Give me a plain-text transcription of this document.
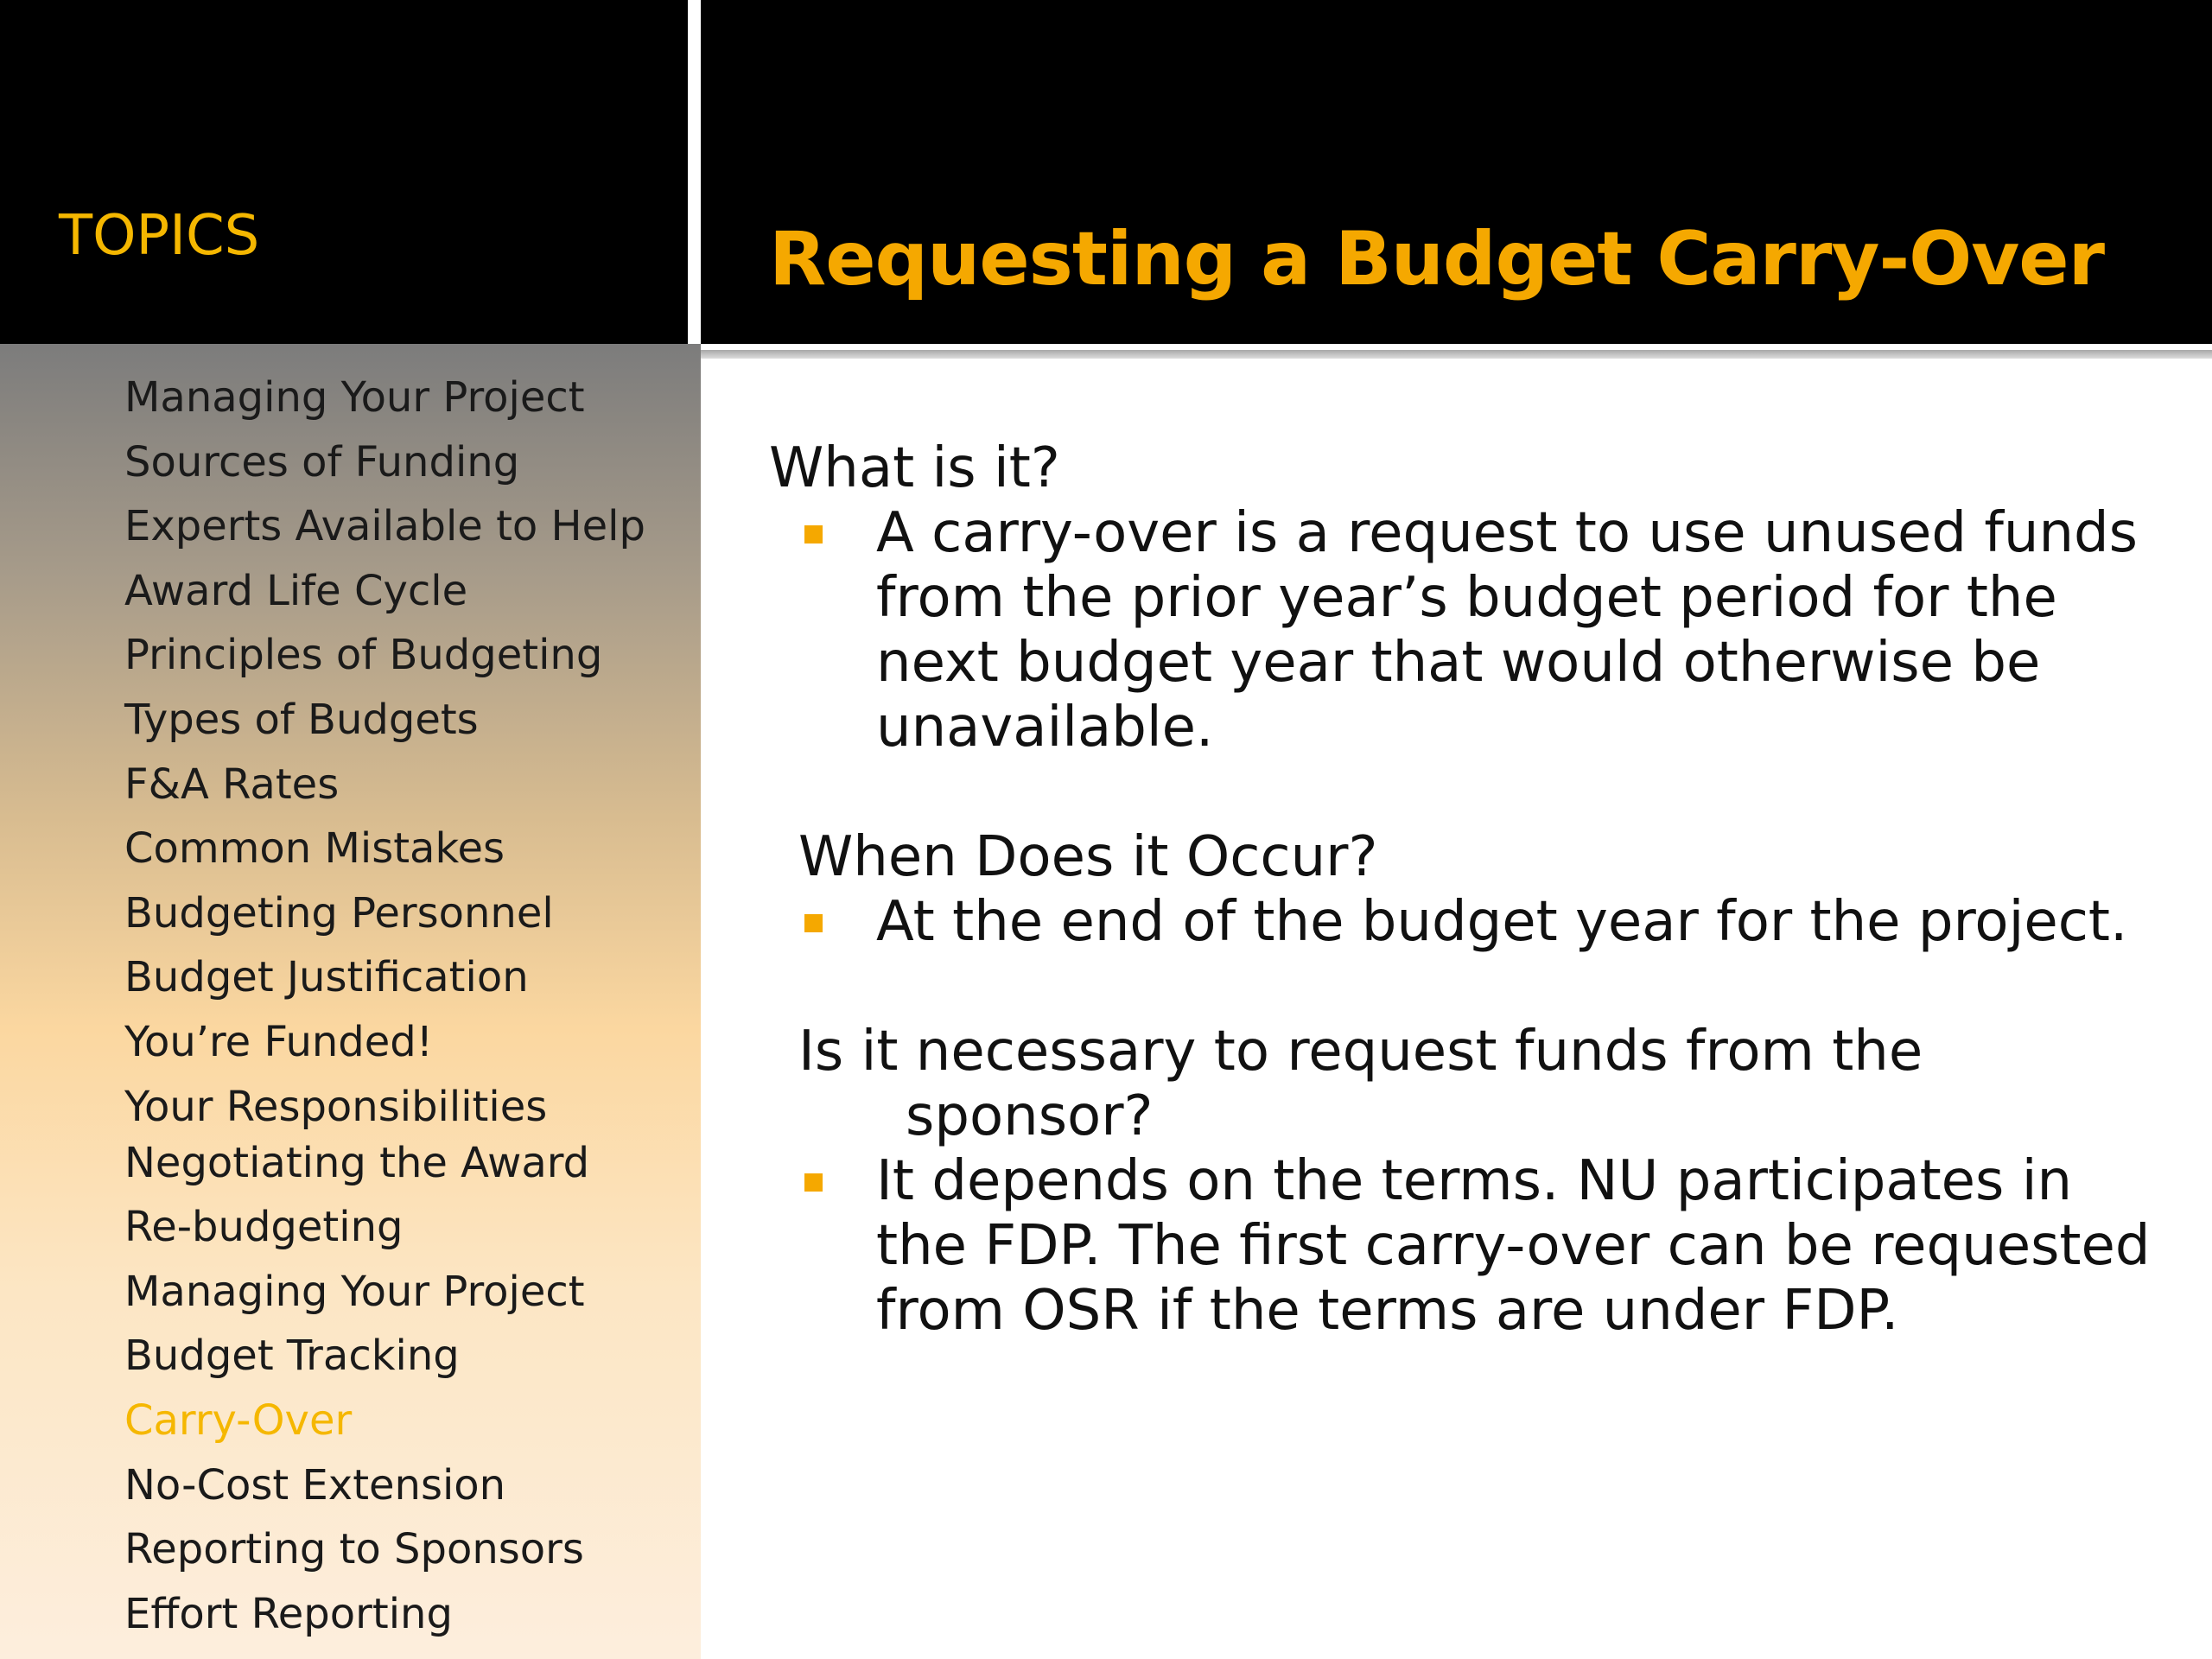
TOPICS	Requesting a Budget Carry-Over
Managing Your Project
Sources of Funding
Experts Available to Help
Award Life Cycle
Principles of Budgeting
Types of Budgets
F&A Rates
Common Mistakes
Budgeting Personnel
Budget Justification
You’re Funded!
Your Responsibilities
Negotiating the Award
Re-budgeting
Managing Your Project
Budget Tracking
Carry-Over
No-Cost Extension
Reporting to Sponsors
Effort Reporting
What is it?
A carry-over is a request to use unused funds from the prior year’s budget period for the next budget year that would otherwise be unavailable.
When Does it Occur?
At the end of the budget year for the project.
Is it necessary to request funds from the
sponsor?
It depends on the terms. NU participates in the FDP. The first carry-over can be requested from OSR if the terms are under FDP.
